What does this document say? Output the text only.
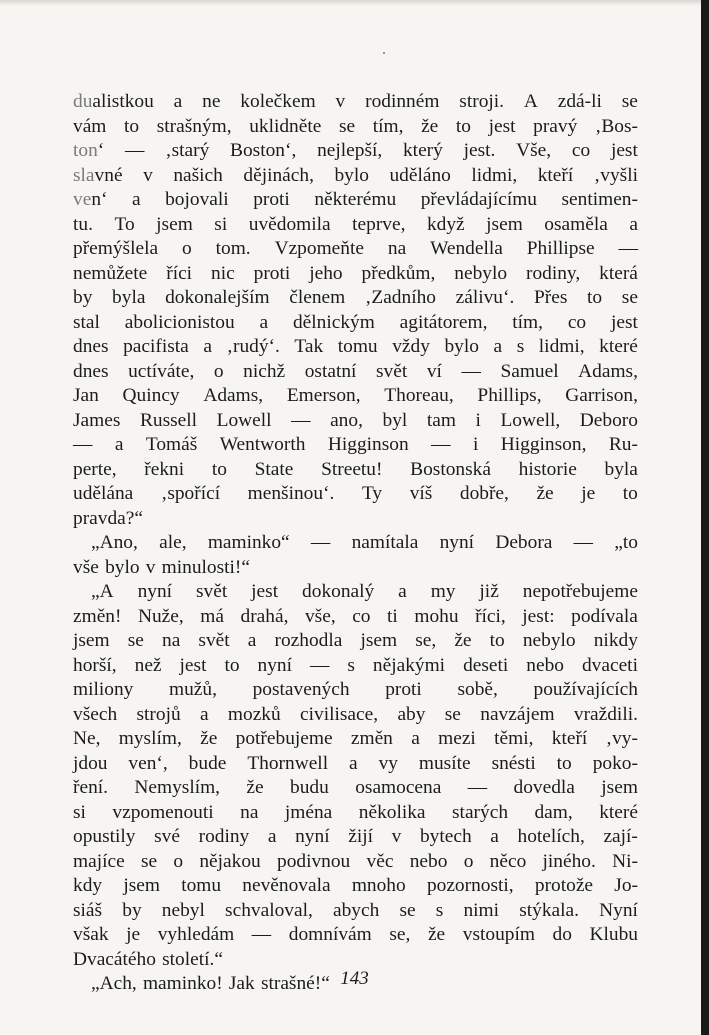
dualistkou a ne kolečkem v rodinném stroji. A zdá-li se
vám to strašným, uklidněte se tím, že to jest pravý ‚Bos-
ton‘ — ‚starý Boston‘, nejlepší, který jest. Vše, co jest
slavné v našich dějinách, bylo uděláno lidmi, kteří ‚vyšli
ven‘ a bojovali proti některému převládajícímu sentimen-
tu. To jsem si uvědomila teprve, když jsem osaměla a
přemýšlela o tom. Vzpomeňte na Wendella Phillipse —
nemůžete říci nic proti jeho předkům, nebylo rodiny, která
by byla dokonalejším členem ‚Zadního zálivu‘. Přes to se
stal abolicionistou a dělnickým agitátorem, tím, co jest
dnes pacifista a ‚rudý‘. Tak tomu vždy bylo a s lidmi, které
dnes uctíváte, o nichž ostatní svět ví — Samuel Adams,
Jan Quincy Adams, Emerson, Thoreau, Phillips, Garrison,
James Russell Lowell — ano, byl tam i Lowell, Deboro
— a Tomáš Wentworth Higginson — i Higginson, Ru-
perte, řekni to State Streetu! Bostonská historie byla
udělána ‚spořící menšinou‘. Ty víš dobře, že je to
pravda?“
„Ano, ale, maminko“ — namítala nyní Debora — „to
vše bylo v minulosti!“
„A nyní svět jest dokonalý a my již nepotřebujeme
změn! Nuže, má drahá, vše, co ti mohu říci, jest: podívala
jsem se na svět a rozhodla jsem se, že to nebylo nikdy
horší, než jest to nyní — s nějakými deseti nebo dvaceti
miliony mužů, postavených proti sobě, používajících
všech strojů a mozků civilisace, aby se navzájem vraždili.
Ne, myslím, že potřebujeme změn a mezi těmi, kteří ‚vy-
jdou ven‘, bude Thornwell a vy musíte snésti to poko-
ření. Nemyslím, že budu osamocena — dovedla jsem
si vzpomenouti na jména několika starých dam, které
opustily své rodiny a nyní žijí v bytech a hotelích, zají-
majíce se o nějakou podivnou věc nebo o něco jiného. Ni-
kdy jsem tomu nevěnovala mnoho pozornosti, protože Jo-
siáš by nebyl schvaloval, abych se s nimi stýkala. Nyní
však je vyhledám — domnívám se, že vstoupím do Klubu
Dvacátého století.“
„Ach, maminko! Jak strašné!“ 143
